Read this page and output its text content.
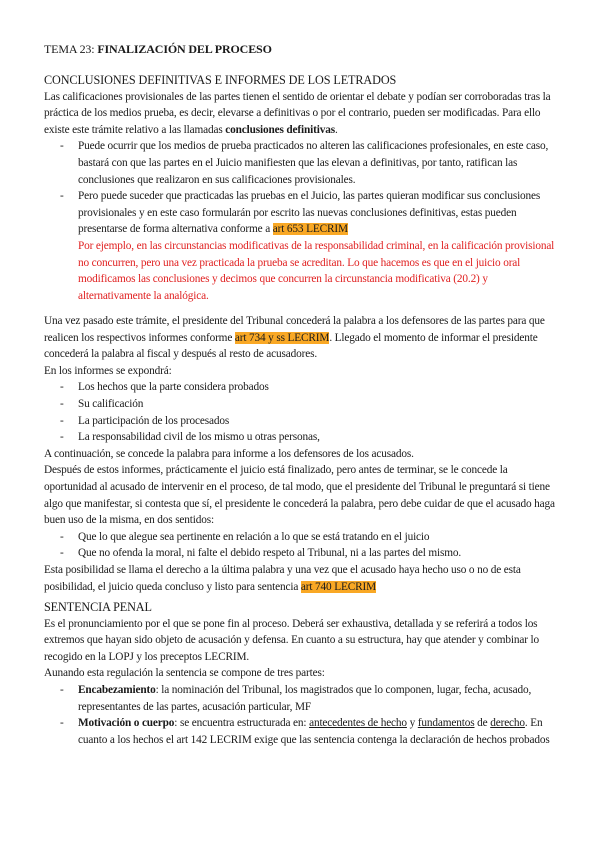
TEMA 23: FINALIZACIÓN DEL PROCESO
CONCLUSIONES DEFINITIVAS E INFORMES DE LOS LETRADOS

Las calificaciones provisionales de las partes tienen el sentido de orientar el debate y podían ser corroboradas tras la práctica de los medios prueba, es decir, elevarse a definitivas o por el contrario, pueden ser modificadas. Para ello existe este trámite relativo a las llamadas conclusiones definitivas.

- Puede ocurrir que los medios de prueba practicados no alteren las calificaciones profesionales, en este caso, bastará con que las partes en el Juicio manifiesten que las elevan a definitivas, por tanto, ratifican las conclusiones que realizaron en sus calificaciones provisionales.
- Pero puede suceder que practicadas las pruebas en el Juicio, las partes quieran modificar sus conclusiones provisionales y en este caso formularán por escrito las nuevas conclusiones definitivas, estas pueden presentarse de forma alternativa conforme a art 653 LECRIM
Por ejemplo, en las circunstancias modificativas de la responsabilidad criminal, en la calificación provisional no concurren, pero una vez practicada la prueba se acreditan. Lo que hacemos es que en el juicio oral modificamos las conclusiones y decimos que concurren la circunstancia modificativa (20.2) y alternativamente la analógica.

Una vez pasado este trámite, el presidente del Tribunal concederá la palabra a los defensores de las partes para que realicen los respectivos informes conforme art 734 y ss LECRIM. Llegado el momento de informar el presidente concederá la palabra al fiscal y después al resto de acusadores.

En los informes se expondrá:

- Los hechos que la parte considera probados
- Su calificación
- La participación de los procesados
- La responsabilidad civil de los mismo u otras personas,

A continuación, se concede la palabra para informe a los defensores de los acusados.

Después de estos informes, prácticamente el juicio está finalizado, pero antes de terminar, se le concede la oportunidad al acusado de intervenir en el proceso, de tal modo, que el presidente del Tribunal le preguntará si tiene algo que manifestar, si contesta que sí, el presidente le concederá la palabra, pero debe cuidar de que el acusado haga buen uso de la misma, en dos sentidos:

- Que lo que alegue sea pertinente en relación a lo que se está tratando en el juicio
- Que no ofenda la moral, ni falte el debido respeto al Tribunal, ni a las partes del mismo.

Esta posibilidad se llama el derecho a la última palabra y una vez que el acusado haya hecho uso o no de esta posibilidad, el juicio queda concluso y listo para sentencia art 740 LECRIM

SENTENCIA PENAL

Es el pronunciamiento por el que se pone fin al proceso. Deberá ser exhaustiva, detallada y se referirá a todos los extremos que hayan sido objeto de acusación y defensa. En cuanto a su estructura, hay que atender y combinar lo recogido en la LOPJ y los preceptos LECRIM.

Aunando esta regulación la sentencia se compone de tres partes:

- Encabezamiento: la nominación del Tribunal, los magistrados que lo componen, lugar, fecha, acusado, representantes de las partes, acusación particular, MF
- Motivación o cuerpo: se encuentra estructurada en: antecedentes de hecho y fundamentos de derecho. En cuanto a los hechos el art 142 LECRIM exige que las sentencia contenga la declaración de hechos probados
